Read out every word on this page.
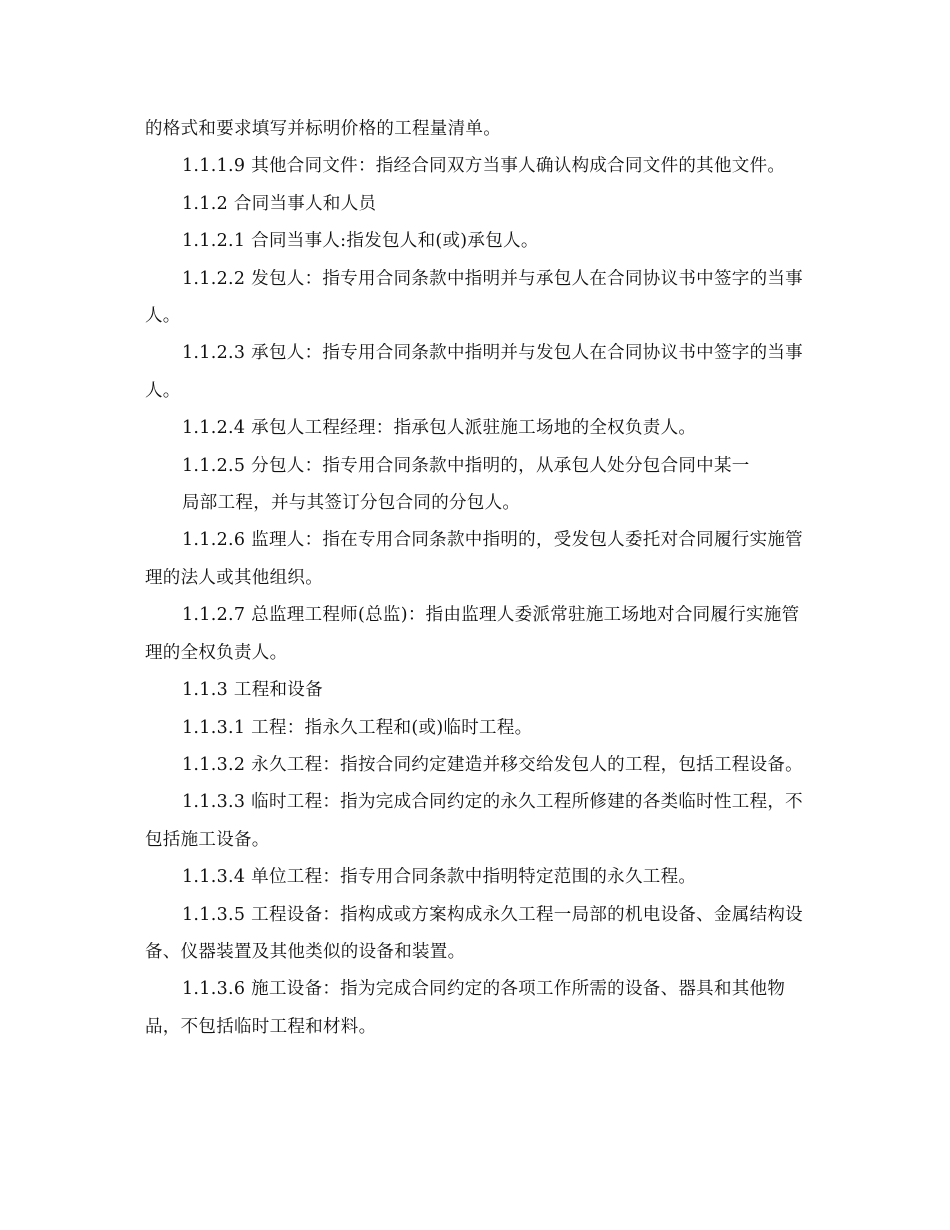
的格式和要求填写并标明价格的工程量清单。

1.1.1.9 其他合同文件：指经合同双方当事人确认构成合同文件的其他文件。

1.1.2 合同当事人和人员

1.1.2.1 合同当事人:指发包人和(或)承包人。

1.1.2.2 发包人：指专用合同条款中指明并与承包人在合同协议书中签字的当事人。

1.1.2.3 承包人：指专用合同条款中指明并与发包人在合同协议书中签字的当事人。

1.1.2.4 承包人工程经理：指承包人派驻施工场地的全权负责人。

1.1.2.5 分包人：指专用合同条款中指明的，从承包人处分包合同中某一

局部工程，并与其签订分包合同的分包人。

1.1.2.6 监理人：指在专用合同条款中指明的，受发包人委托对合同履行实施管理的法人或其他组织。

1.1.2.7 总监理工程师(总监)：指由监理人委派常驻施工场地对合同履行实施管理的全权负责人。

1.1.3 工程和设备

1.1.3.1 工程：指永久工程和(或)临时工程。

1.1.3.2 永久工程：指按合同约定建造并移交给发包人的工程，包括工程设备。

1.1.3.3 临时工程：指为完成合同约定的永久工程所修建的各类临时性工程，不包括施工设备。

1.1.3.4 单位工程：指专用合同条款中指明特定范围的永久工程。

1.1.3.5 工程设备：指构成或方案构成永久工程一局部的机电设备、金属结构设备、仪器装置及其他类似的设备和装置。

1.1.3.6 施工设备：指为完成合同约定的各项工作所需的设备、器具和其他物品，不包括临时工程和材料。
